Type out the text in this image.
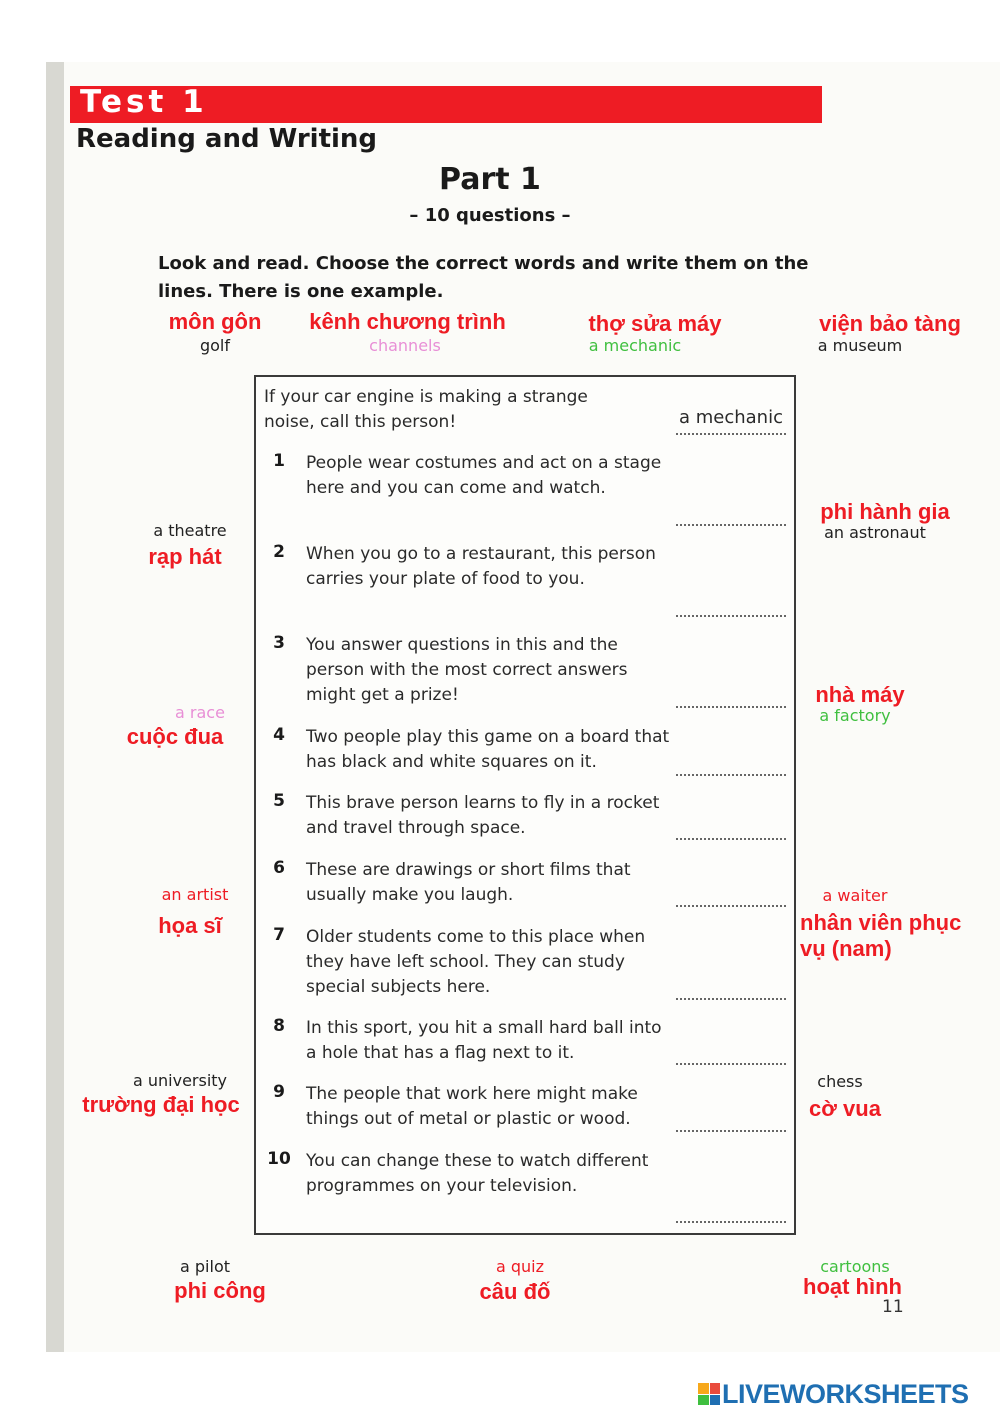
Test 1
Reading and Writing
Part 1
– 10 questions –
Look and read. Choose the correct words and write them on the lines. There is one example.
môn gôn
golf
kênh chương trình
channels
thợ sửa máy
a mechanic
viện bảo tàng
a museum
a theatre
rạp hát
a race
cuộc đua
an artist
họa sĩ
a university
trường đại học
phi hành gia
an astronaut
nhà máy
a factory
a waiter
nhân viên phục vụ (nam)
chess
cờ vua
a pilot
phi công
a quiz
câu đố
cartoons
hoạt hình
If your car engine is making a strange noise, call this person!	a mechanic
1	People wear costumes and act on a stage here and you can come and watch.
2	When you go to a restaurant, this person carries your plate of food to you.
3	You answer questions in this and the person with the most correct answers might get a prize!
4	Two people play this game on a board that has black and white squares on it.
5	This brave person learns to fly in a rocket and travel through space.
6	These are drawings or short films that usually make you laugh.
7	Older students come to this place when they have left school. They can study special subjects here.
8	In this sport, you hit a small hard ball into a hole that has a flag next to it.
9	The people that work here might make things out of metal or plastic or wood.
10 You can change these to watch different programmes on your television.
11
LIVEWORKSHEETS
